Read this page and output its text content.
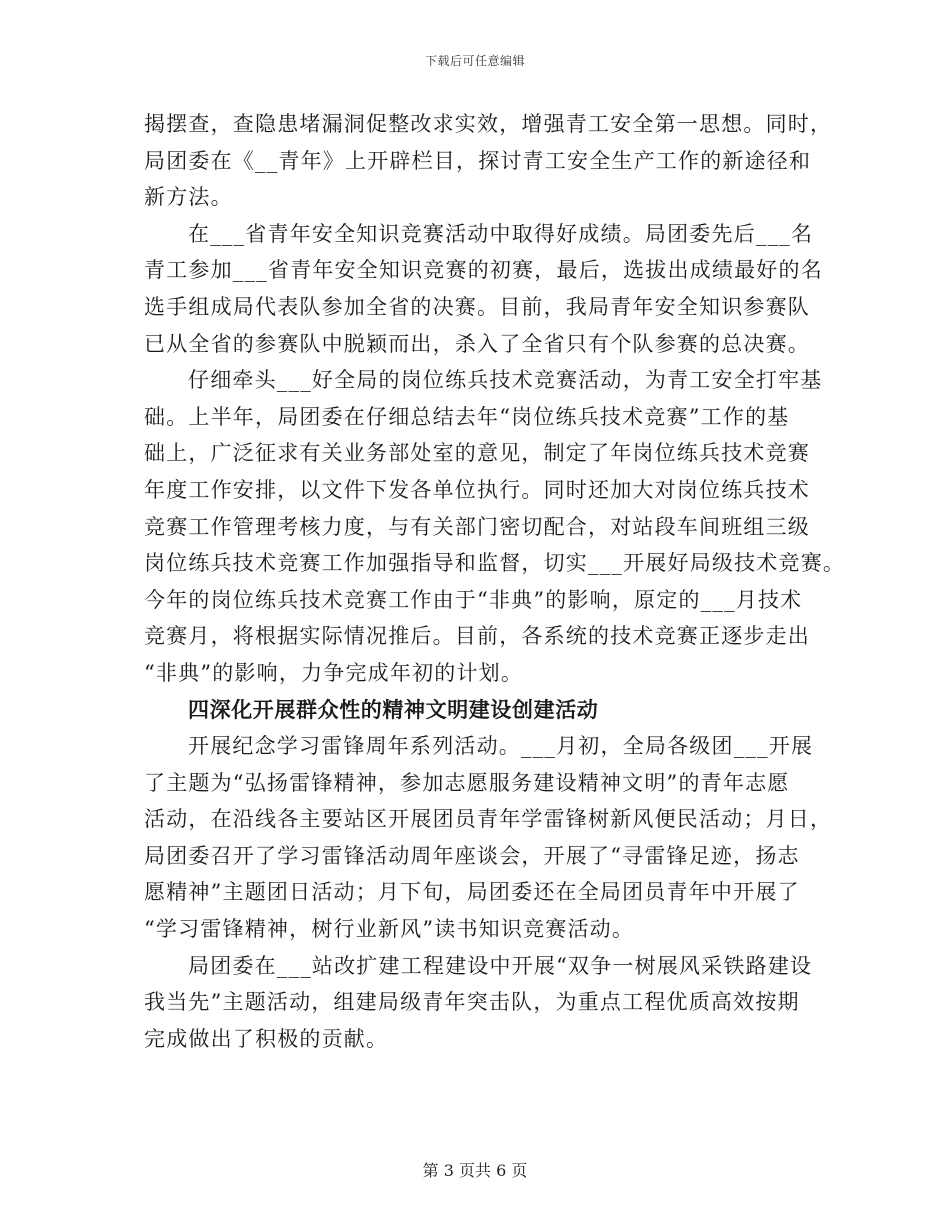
下载后可任意编辑
揭摆查，查隐患堵漏洞促整改求实效，增强青工安全第一思想。同时，
局团委在《__青年》上开辟栏目，探讨青工安全生产工作的新途径和
新方法。
在___省青年安全知识竞赛活动中取得好成绩。局团委先后___名
青工参加___省青年安全知识竞赛的初赛，最后，选拔出成绩最好的名
选手组成局代表队参加全省的决赛。目前，我局青年安全知识参赛队
已从全省的参赛队中脱颖而出，杀入了全省只有个队参赛的总决赛。
仔细牵头___好全局的岗位练兵技术竞赛活动，为青工安全打牢基
础。上半年，局团委在仔细总结去年“岗位练兵技术竞赛”工作的基
础上，广泛征求有关业务部处室的意见，制定了年岗位练兵技术竞赛
年度工作安排，以文件下发各单位执行。同时还加大对岗位练兵技术
竞赛工作管理考核力度，与有关部门密切配合，对站段车间班组三级
岗位练兵技术竞赛工作加强指导和监督，切实___开展好局级技术竞赛。
今年的岗位练兵技术竞赛工作由于“非典”的影响，原定的___月技术
竞赛月，将根据实际情况推后。目前，各系统的技术竞赛正逐步走出
“非典”的影响，力争完成年初的计划。
四深化开展群众性的精神文明建设创建活动
开展纪念学习雷锋周年系列活动。___月初，全局各级团___开展
了主题为“弘扬雷锋精神，参加志愿服务建设精神文明”的青年志愿
活动，在沿线各主要站区开展团员青年学雷锋树新风便民活动；月日，
局团委召开了学习雷锋活动周年座谈会，开展了“寻雷锋足迹，扬志
愿精神”主题团日活动；月下旬，局团委还在全局团员青年中开展了
“学习雷锋精神，树行业新风”读书知识竞赛活动。
局团委在___站改扩建工程建设中开展“双争一树展风采铁路建设
我当先”主题活动，组建局级青年突击队，为重点工程优质高效按期
完成做出了积极的贡献。
第 3 页共 6 页
